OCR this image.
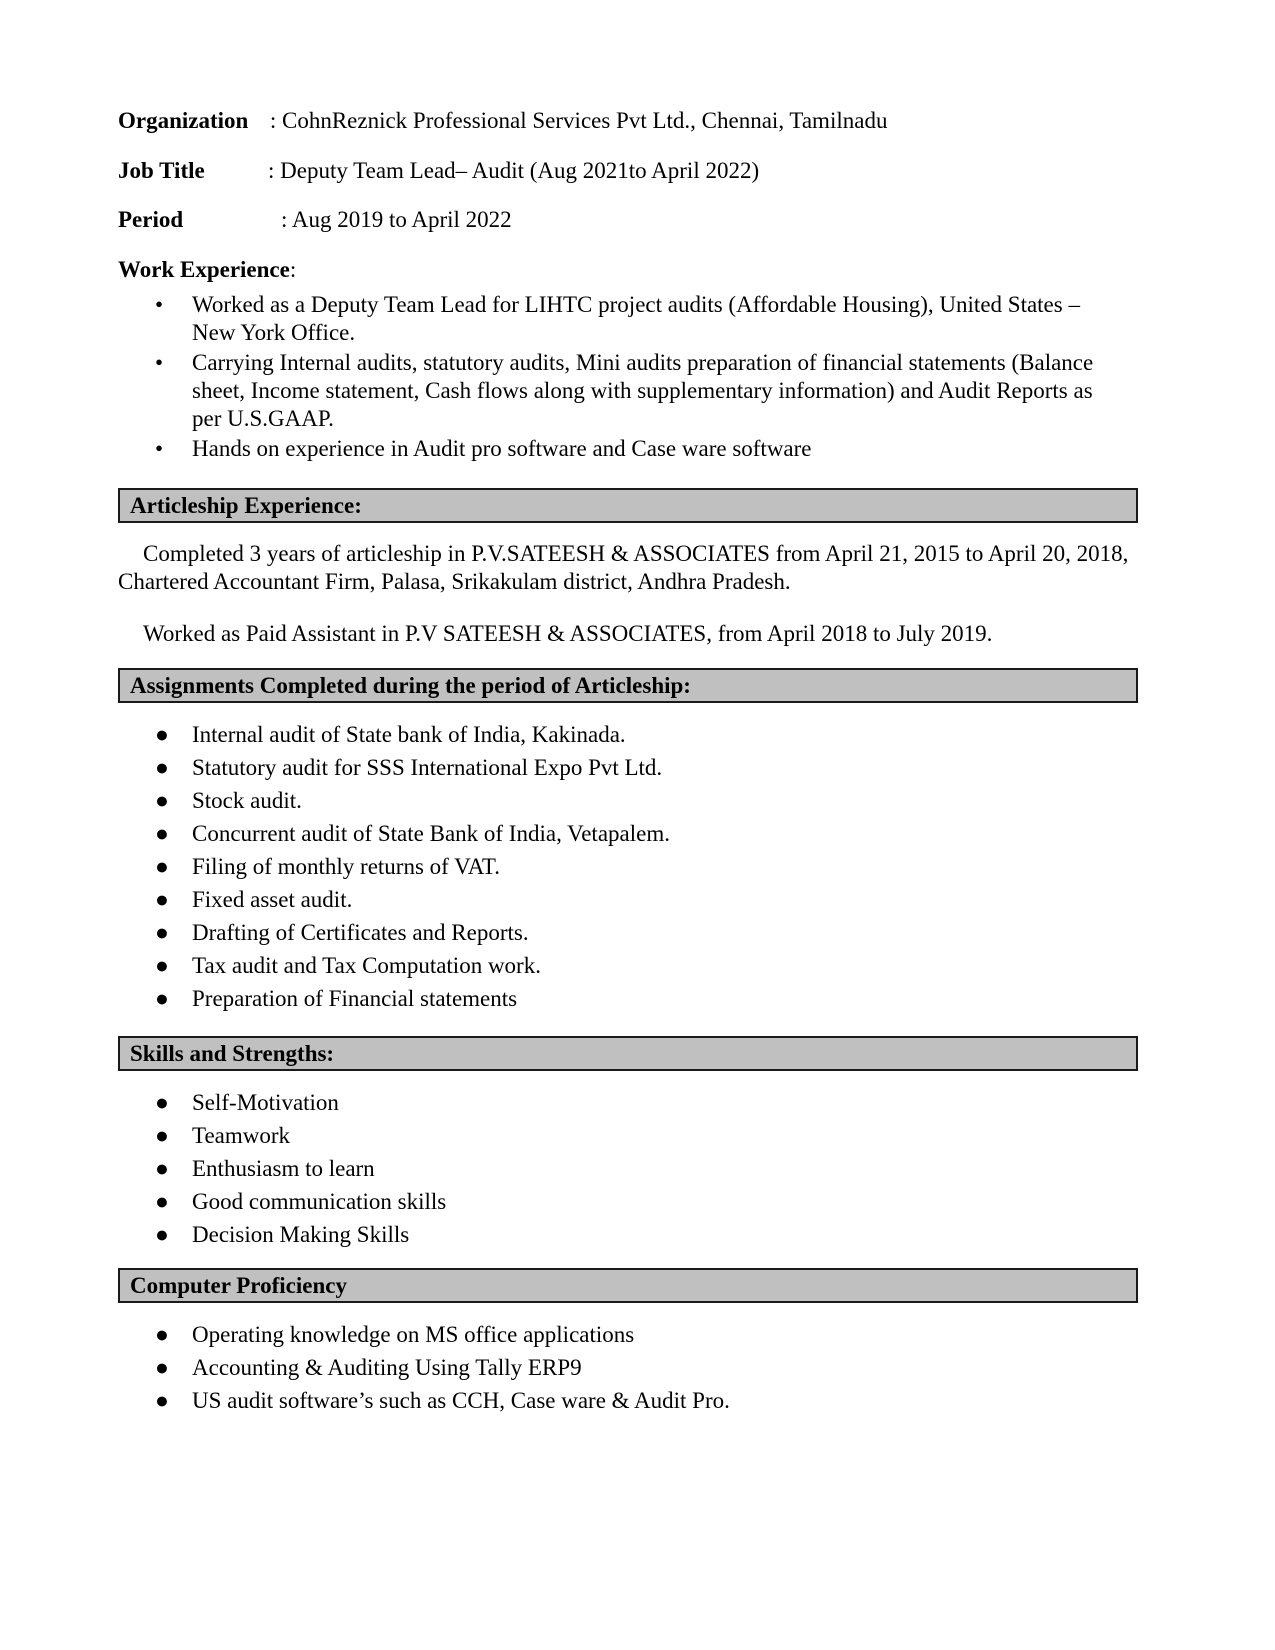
Organization : CohnReznick Professional Services Pvt Ltd., Chennai, Tamilnadu
Job Title	: Deputy Team Lead– Audit (Aug 2021to April 2022)
Period	: Aug 2019 to April 2022
Work Experience:
• Worked as a Deputy Team Lead for LIHTC project audits (Affordable Housing), United States – New York Office.
• Carrying Internal audits, statutory audits, Mini audits preparation of financial statements (Balance sheet, Income statement, Cash flows along with supplementary information) and Audit Reports as per U.S.GAAP.
• Hands on experience in Audit pro software and Case ware software
Articleship Experience:
Completed 3 years of articleship in P.V.SATEESH & ASSOCIATES from April 21, 2015 to April 20, 2018, Chartered Accountant Firm, Palasa, Srikakulam district, Andhra Pradesh.
Worked as Paid Assistant in P.V SATEESH & ASSOCIATES, from April 2018 to July 2019.
Assignments Completed during the period of Articleship:
● Internal audit of State bank of India, Kakinada.
● Statutory audit for SSS International Expo Pvt Ltd.
● Stock audit.
● Concurrent audit of State Bank of India, Vetapalem.
● Filing of monthly returns of VAT.
● Fixed asset audit.
● Drafting of Certificates and Reports.
● Tax audit and Tax Computation work.
● Preparation of Financial statements
Skills and Strengths:
● Self-Motivation
● Teamwork
● Enthusiasm to learn
● Good communication skills
● Decision Making Skills
Computer Proficiency
● Operating knowledge on MS office applications
● Accounting & Auditing Using Tally ERP9
● US audit software’s such as CCH, Case ware & Audit Pro.
